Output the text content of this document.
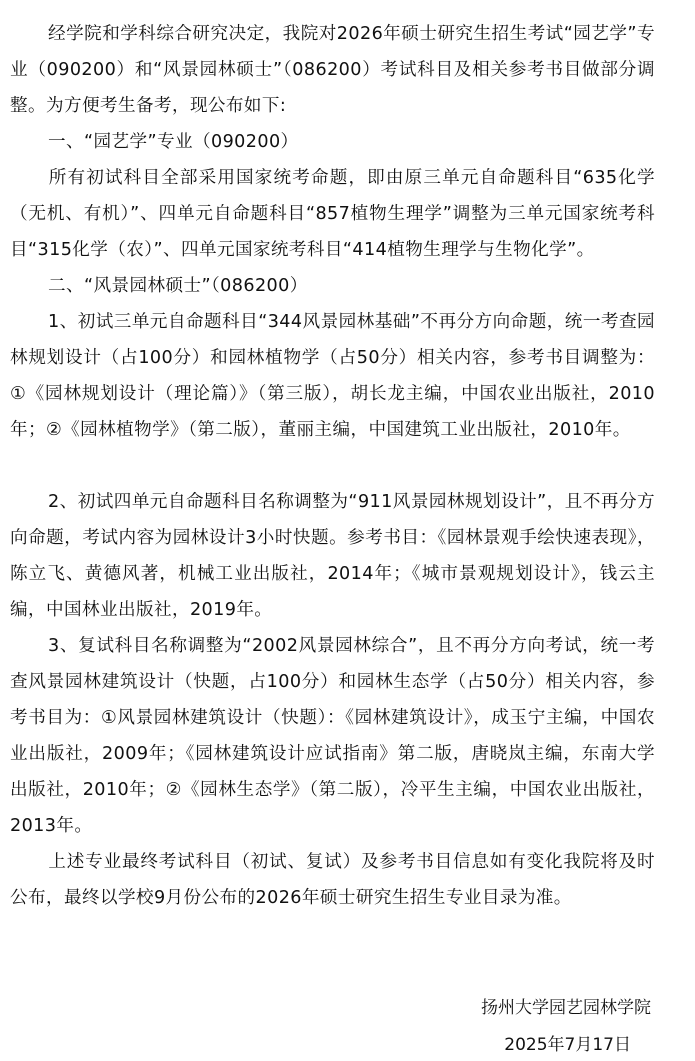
经学院和学科综合研究决定，我院对2026年硕士研究生招生考试“园艺学”专业（090200）和“风景园林硕士”（086200）考试科目及相关参考书目做部分调整。为方便考生备考，现公布如下:

一、“园艺学”专业（090200）

所有初试科目全部采用国家统考命题，即由原三单元自命题科目“635化学（无机、有机）”、四单元自命题科目“857植物生理学”调整为三单元国家统考科目“315化学（农）”、四单元国家统考科目“414植物生理学与生物化学”。

二、“风景园林硕士”（086200）

1、初试三单元自命题科目“344风景园林基础”不再分方向命题，统一考查园林规划设计（占100分）和园林植物学（占50分）相关内容，参考书目调整为：①《园林规划设计（理论篇）》（第三版），胡长龙主编，中国农业出版社，2010年；②《园林植物学》（第二版），董丽主编，中国建筑工业出版社，2010年。

2、初试四单元自命题科目名称调整为“911风景园林规划设计”，且不再分方向命题，考试内容为园林设计3小时快题。参考书目：《园林景观手绘快速表现》，陈立飞、黄德风著，机械工业出版社，2014年；《城市景观规划设计》，钱云主编，中国林业出版社，2019年。

3、复试科目名称调整为“2002风景园林综合”，且不再分方向考试，统一考查风景园林建筑设计（快题，占100分）和园林生态学（占50分）相关内容，参考书目为：①风景园林建筑设计（快题）：《园林建筑设计》，成玉宁主编，中国农业出版社，2009年；《园林建筑设计应试指南》第二版，唐晓岚主编，东南大学出版社，2010年；②《园林生态学》（第二版），冷平生主编，中国农业出版社，2013年。

上述专业最终考试科目（初试、复试）及参考书目信息如有变化我院将及时公布，最终以学校9月份公布的2026年硕士研究生招生专业目录为准。

扬州大学园艺园林学院
2025年7月17日
